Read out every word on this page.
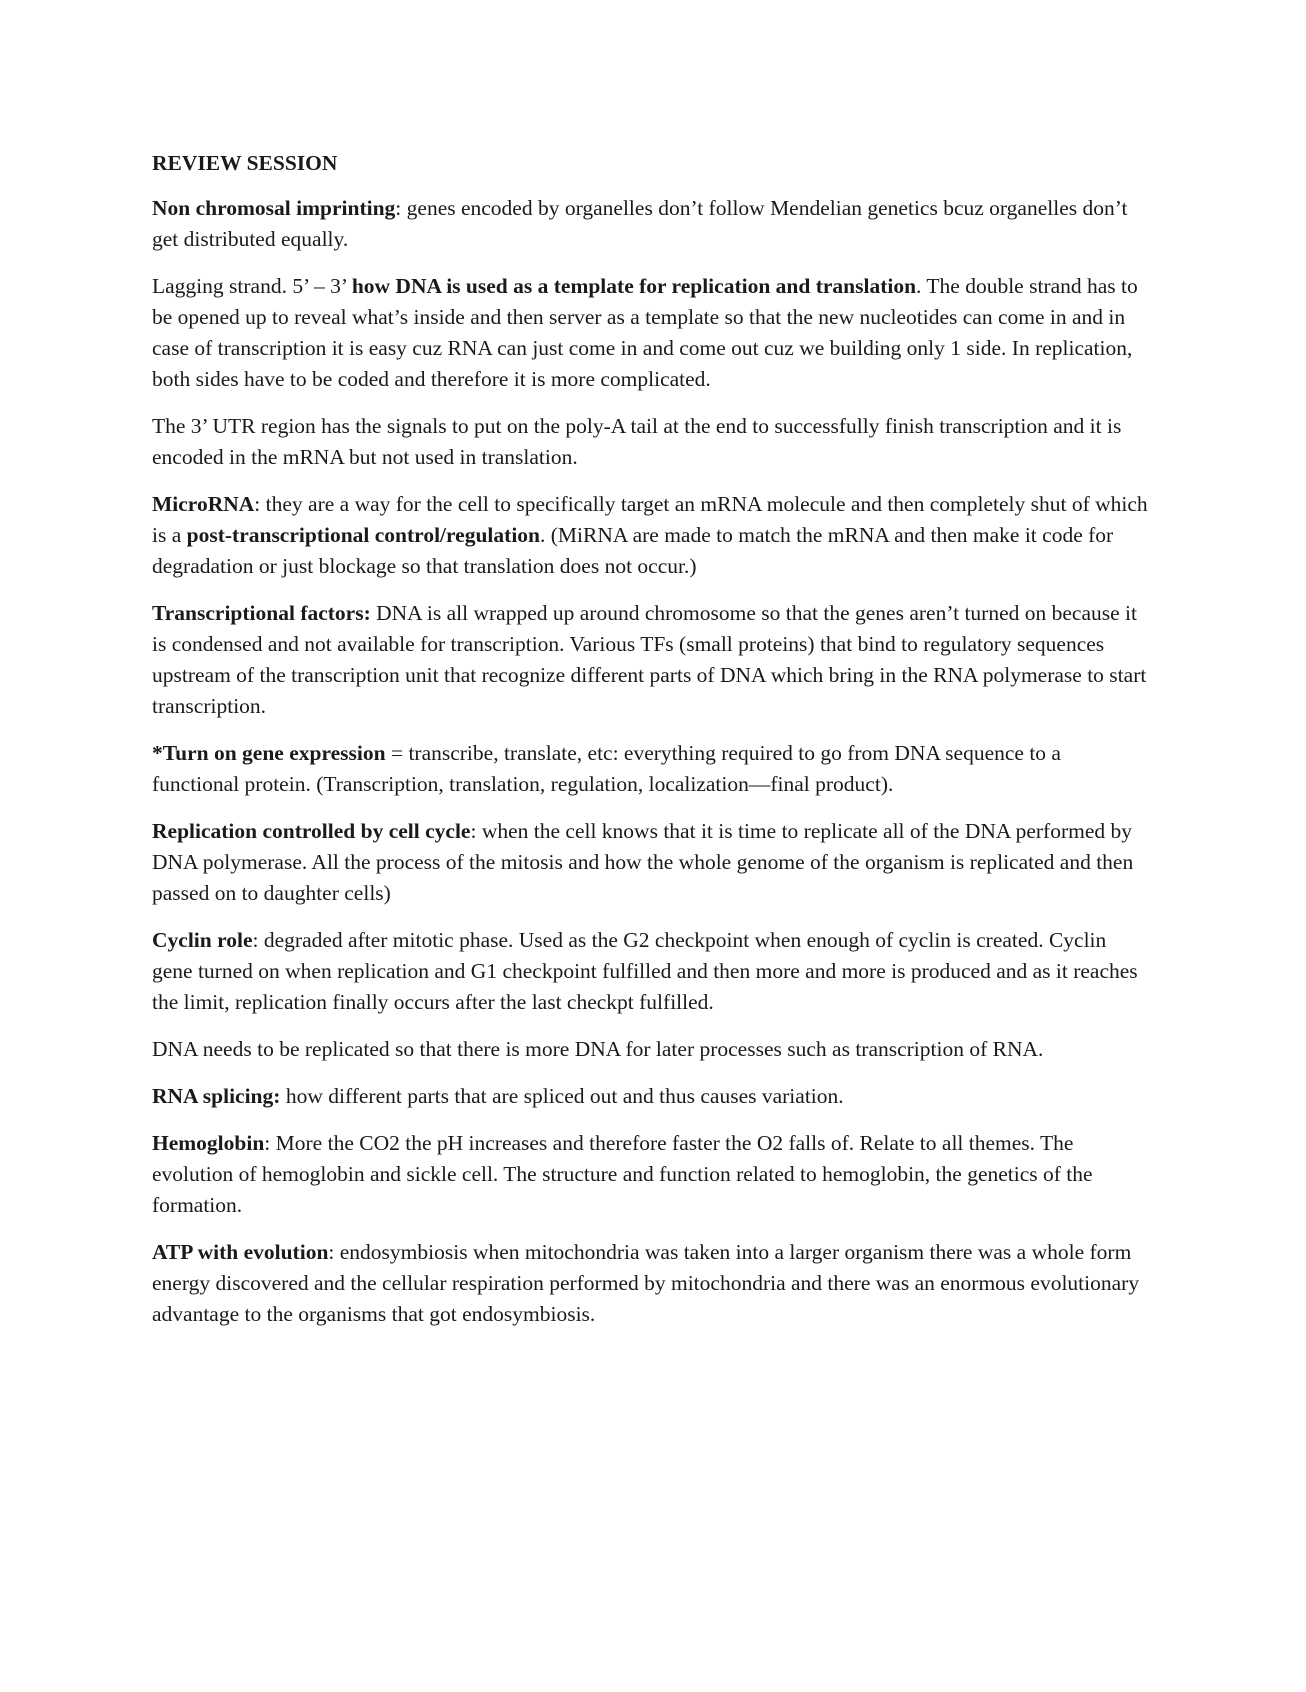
REVIEW SESSION

Non chromosal imprinting: genes encoded by organelles don’t follow Mendelian genetics bcuz organelles don’t get distributed equally.

Lagging strand. 5’ – 3’ how DNA is used as a template for replication and translation. The double strand has to be opened up to reveal what’s inside and then server as a template so that the new nucleotides can come in and in case of transcription it is easy cuz RNA can just come in and come out cuz we building only 1 side. In replication, both sides have to be coded and therefore it is more complicated.

The 3’ UTR region has the signals to put on the poly-A tail at the end to successfully finish transcription and it is encoded in the mRNA but not used in translation.

MicroRNA: they are a way for the cell to specifically target an mRNA molecule and then completely shut of which is a post-transcriptional control/regulation. (MiRNA are made to match the mRNA and then make it code for degradation or just blockage so that translation does not occur.)

Transcriptional factors: DNA is all wrapped up around chromosome so that the genes aren’t turned on because it is condensed and not available for transcription. Various TFs (small proteins) that bind to regulatory sequences upstream of the transcription unit that recognize different parts of DNA which bring in the RNA polymerase to start transcription.

*Turn on gene expression = transcribe, translate, etc: everything required to go from DNA sequence to a functional protein. (Transcription, translation, regulation, localization—final product).

Replication controlled by cell cycle: when the cell knows that it is time to replicate all of the DNA performed by DNA polymerase. All the process of the mitosis and how the whole genome of the organism is replicated and then passed on to daughter cells)

Cyclin role: degraded after mitotic phase. Used as the G2 checkpoint when enough of cyclin is created. Cyclin gene turned on when replication and G1 checkpoint fulfilled and then more and more is produced and as it reaches the limit, replication finally occurs after the last checkpt fulfilled.

DNA needs to be replicated so that there is more DNA for later processes such as transcription of RNA.

RNA splicing: how different parts that are spliced out and thus causes variation.

Hemoglobin: More the CO2 the pH increases and therefore faster the O2 falls of. Relate to all themes. The evolution of hemoglobin and sickle cell. The structure and function related to hemoglobin, the genetics of the formation.

ATP with evolution: endosymbiosis when mitochondria was taken into a larger organism there was a whole form energy discovered and the cellular respiration performed by mitochondria and there was an enormous evolutionary advantage to the organisms that got endosymbiosis.
